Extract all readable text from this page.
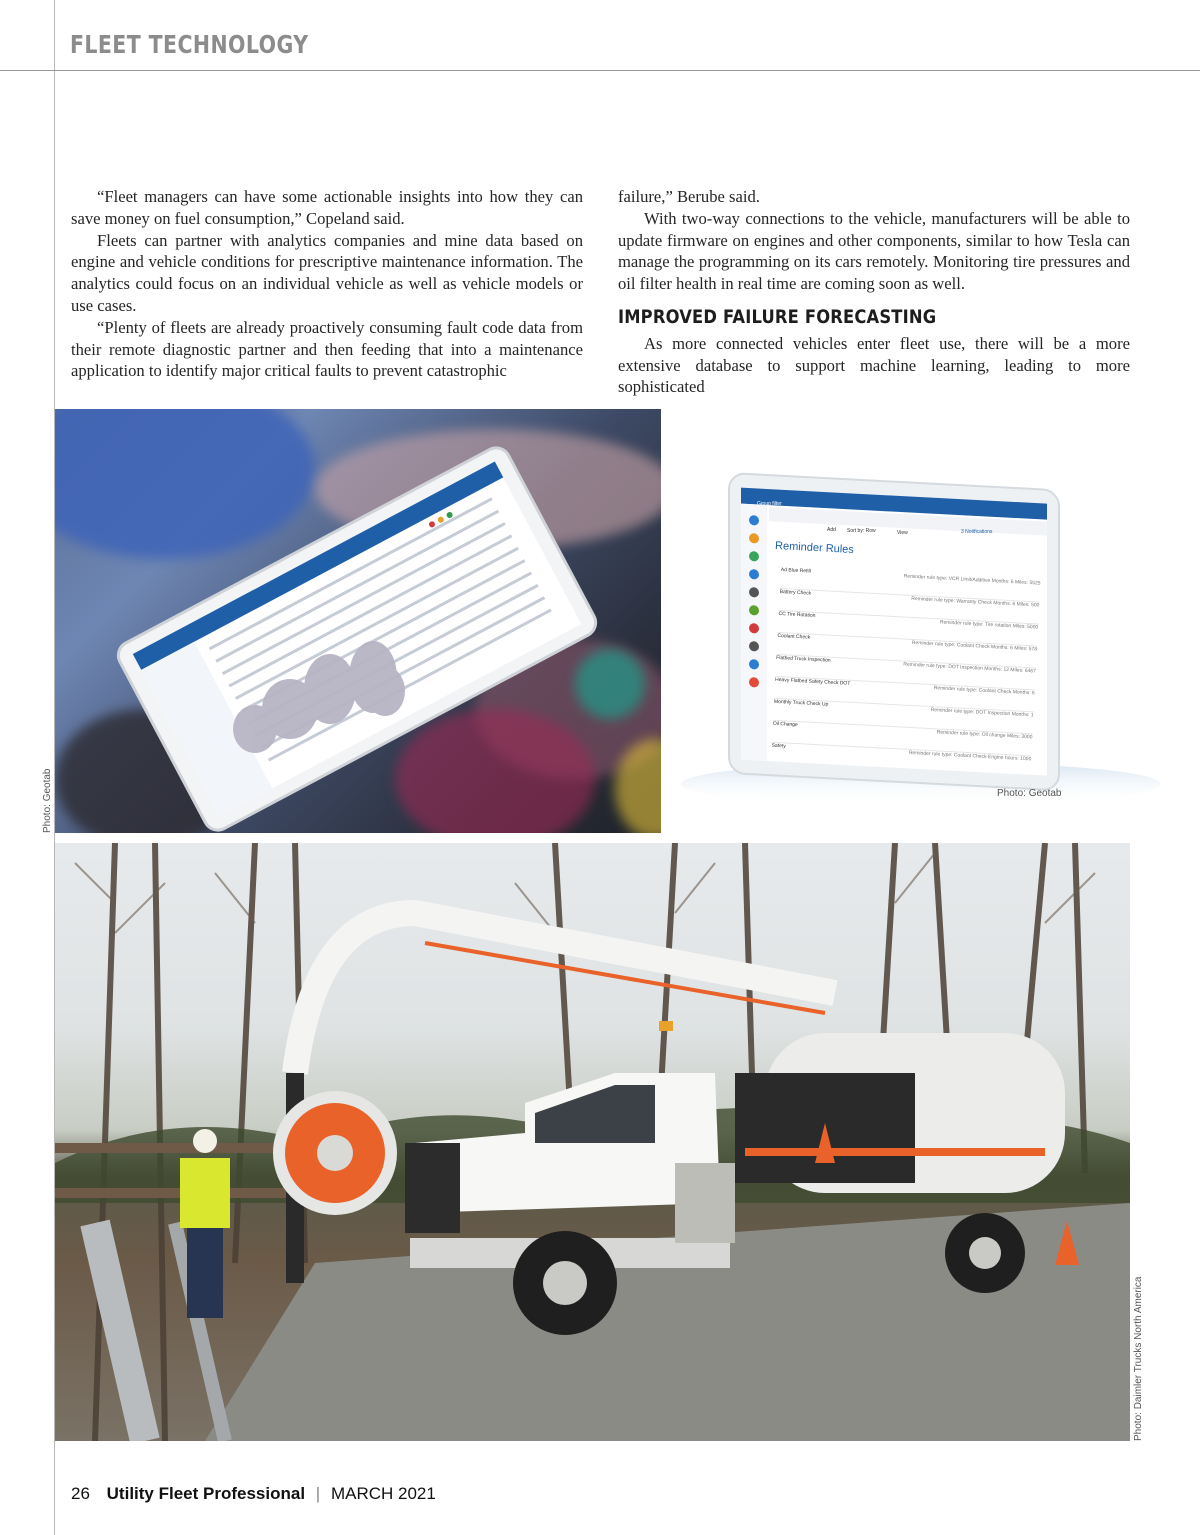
FLEET TECHNOLOGY

“Fleet managers can have some actionable insights into how they can save money on fuel consumption,” Copeland said.

Fleets can partner with analytics companies and mine data based on engine and vehicle conditions for prescriptive maintenance information. The analytics could focus on an individual vehicle as well as vehicle models or use cases.

“Plenty of fleets are already proactively consuming fault code data from their remote diagnostic partner and then feeding that into a maintenance application to identify major critical faults to prevent catastrophic

failure,” Berube said.

With two-way connections to the vehicle, manufacturers will be able to update firmware on engines and other components, similar to how Tesla can manage the programming on its cars remotely. Monitoring tire pressures and oil filter health in real time are coming soon as well.

IMPROVED FAILURE FORECASTING

As more connected vehicles enter fleet use, there will be a more extensive database to support machine learning, leading to more sophisticated

Photo: Geotab
Group filter
3 Notifications
Add Sort by: Row	View
Reminder Rules
Ad Blue Refill
Reminder rule type: VCR Limit/Additive Months: 6 Miles: 5525
Battery Check
Reminder rule type: Warranty Check Months: 6 Miles: 500
CC Tire Rotation
Reminder rule type: Tire rotation Miles: 5000
Coolant Check
Reminder rule type: Coolant Check Months: 6 Miles: 578
Flatbed Truck Inspection
Reminder rule type: DOT Inspection Months: 12 Miles: 6467
Heavy Flatbed Safety Check DOT
Reminder rule type: Coolant Check Months: 6
Monthly Truck Check Up
Reminder rule type: DOT Inspection Months: 1
Oil Change
Reminder rule type: Oil change Miles: 3000
Safety
Reminder rule type: Coolant Check Engine hours: 1000
Photo: Geotab
Photo: Daimler Trucks North America
26 Utility Fleet Professional | MARCH 2021
